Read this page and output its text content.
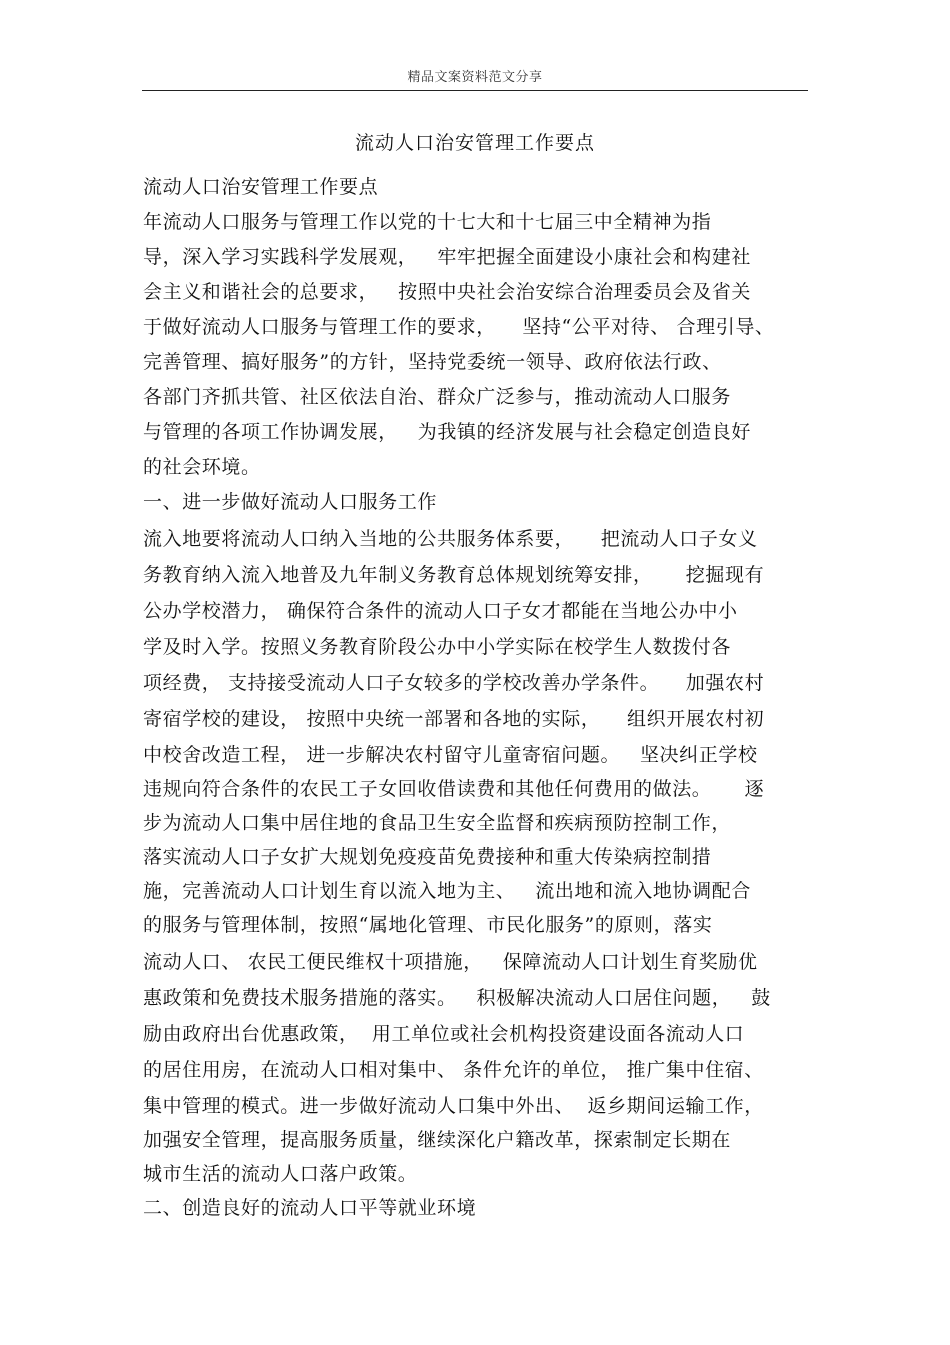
精品文案资料范文分享
流动人口治安管理工作要点
流动人口治安管理工作要点
年流动人口服务与管理工作以党的十七大和十七届三中全精神为指
导，深入学习实践科学发展观，   牢牢把握全面建设小康社会和构建社
会主义和谐社会的总要求，   按照中央社会治安综合治理委员会及省关
于做好流动人口服务与管理工作的要求，    坚持“公平对待、 合理引导、
完善管理、搞好服务”的方针，坚持党委统一领导、政府依法行政、
各部门齐抓共管、社区依法自治、群众广泛参与，推动流动人口服务
与管理的各项工作协调发展，   为我镇的经济发展与社会稳定创造良好
的社会环境。
一、进一步做好流动人口服务工作
流入地要将流动人口纳入当地的公共服务体系要，    把流动人口子女义
务教育纳入流入地普及九年制义务教育总体规划统筹安排，     挖掘现有
公办学校潜力， 确保符合条件的流动人口子女才都能在当地公办中小
学及时入学。按照义务教育阶段公办中小学实际在校学生人数拨付各
项经费， 支持接受流动人口子女较多的学校改善办学条件。    加强农村
寄宿学校的建设， 按照中央统一部署和各地的实际，    组织开展农村初
中校舍改造工程， 进一步解决农村留守儿童寄宿问题。   坚决纠正学校
违规向符合条件的农民工子女回收借读费和其他任何费用的做法。     逐
步为流动人口集中居住地的食品卫生安全监督和疾病预防控制工作，
落实流动人口子女扩大规划免疫疫苗免费接种和重大传染病控制措
施，完善流动人口计划生育以流入地为主、   流出地和流入地协调配合
的服务与管理体制，按照“属地化管理、市民化服务”的原则，落实
流动人口、 农民工便民维权十项措施，   保障流动人口计划生育奖励优
惠政策和免费技术服务措施的落实。   积极解决流动人口居住问题，   鼓
励由政府出台优惠政策，  用工单位或社会机构投资建设面各流动人口
的居住用房，在流动人口相对集中、 条件允许的单位， 推广集中住宿、
集中管理的模式。进一步做好流动人口集中外出、  返乡期间运输工作，
加强安全管理，提高服务质量，继续深化户籍改革，探索制定长期在
城市生活的流动人口落户政策。
二、创造良好的流动人口平等就业环境
